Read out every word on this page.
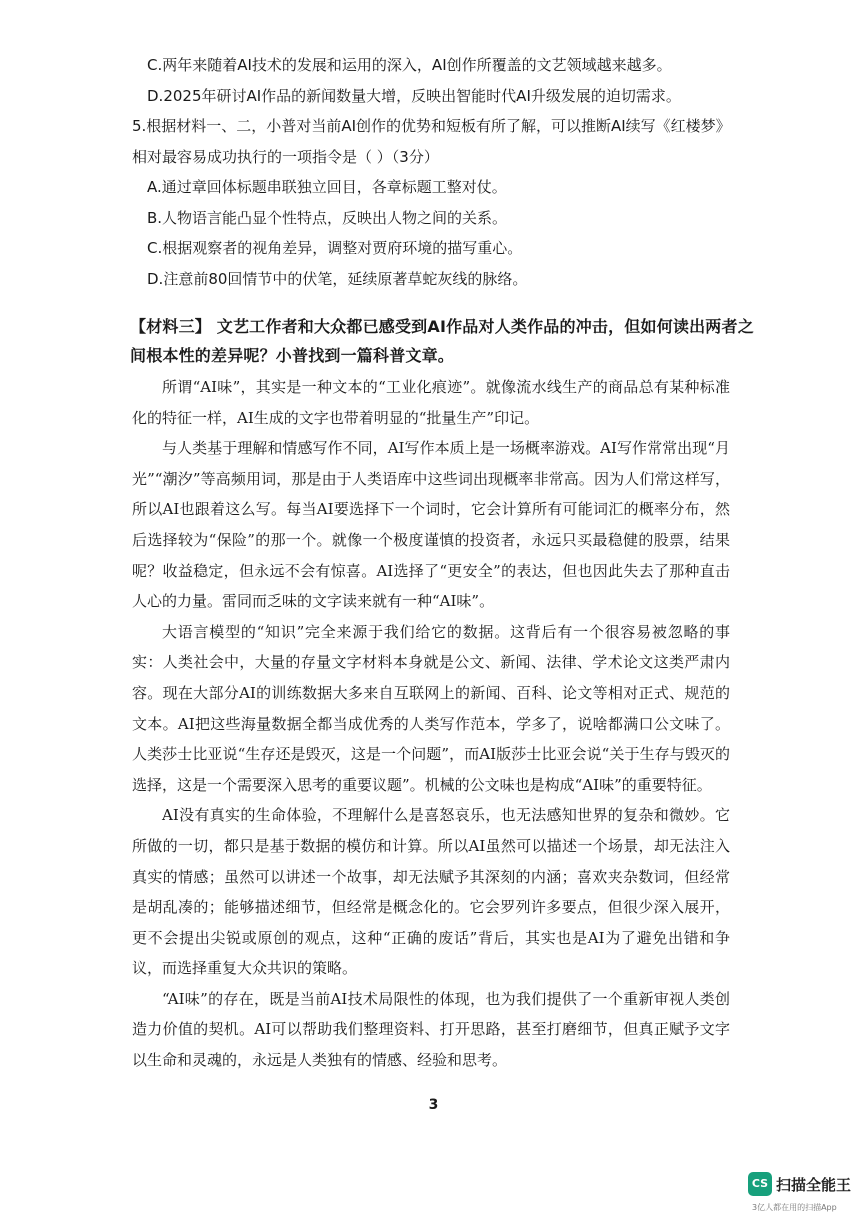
C.两年来随着AI技术的发展和运用的深入，AI创作所覆盖的文艺领域越来越多。

D.2025年研讨AI作品的新闻数量大增，反映出智能时代AI升级发展的迫切需求。

5.根据材料一、二，小普对当前AI创作的优势和短板有所了解，可以推断AI续写《红楼梦》

相对最容易成功执行的一项指令是（ ）（3分）

A.通过章回体标题串联独立回目，各章标题工整对仗。

B.人物语言能凸显个性特点，反映出人物之间的关系。

C.根据观察者的视角差异，调整对贾府环境的描写重心。

D.注意前80回情节中的伏笔，延续原著草蛇灰线的脉络。

【材料三】 文艺工作者和大众都已感受到AI作品对人类作品的冲击，但如何读出两者之
间根本性的差异呢？小普找到一篇科普文章。

所谓“AI味”，其实是一种文本的“工业化痕迹”。就像流水线生产的商品总有某种标准化的特征一样，AI生成的文字也带着明显的“批量生产”印记。

与人类基于理解和情感写作不同，AI写作本质上是一场概率游戏。AI写作常常出现“月光”“潮汐”等高频用词，那是由于人类语库中这些词出现概率非常高。因为人们常这样写，所以AI也跟着这么写。每当AI要选择下一个词时，它会计算所有可能词汇的概率分布，然后选择较为“保险”的那一个。就像一个极度谨慎的投资者，永远只买最稳健的股票，结果呢？收益稳定，但永远不会有惊喜。AI选择了“更安全”的表达，但也因此失去了那种直击人心的力量。雷同而乏味的文字读来就有一种“AI味”。

大语言模型的“知识”完全来源于我们给它的数据。这背后有一个很容易被忽略的事实：人类社会中，大量的存量文字材料本身就是公文、新闻、法律、学术论文这类严肃内容。现在大部分AI的训练数据大多来自互联网上的新闻、百科、论文等相对正式、规范的文本。AI把这些海量数据全都当成优秀的人类写作范本，学多了，说啥都满口公文味了。人类莎士比亚说“生存还是毁灭，这是一个问题”，而AI版莎士比亚会说“关于生存与毁灭的选择，这是一个需要深入思考的重要议题”。机械的公文味也是构成“AI味”的重要特征。

AI没有真实的生命体验，不理解什么是喜怒哀乐，也无法感知世界的复杂和微妙。它所做的一切，都只是基于数据的模仿和计算。所以AI虽然可以描述一个场景，却无法注入真实的情感；虽然可以讲述一个故事，却无法赋予其深刻的内涵；喜欢夹杂数词，但经常是胡乱凑的；能够描述细节，但经常是概念化的。它会罗列许多要点，但很少深入展开，更不会提出尖锐或原创的观点，这种“正确的废话”背后，其实也是AI为了避免出错和争议，而选择重复大众共识的策略。

“AI味”的存在，既是当前AI技术局限性的体现，也为我们提供了一个重新审视人类创造力价值的契机。AI可以帮助我们整理资料、打开思路，甚至打磨细节，但真正赋予文字以生命和灵魂的，永远是人类独有的情感、经验和思考。

3
CS 扫描全能王
3亿人都在用的扫描App
